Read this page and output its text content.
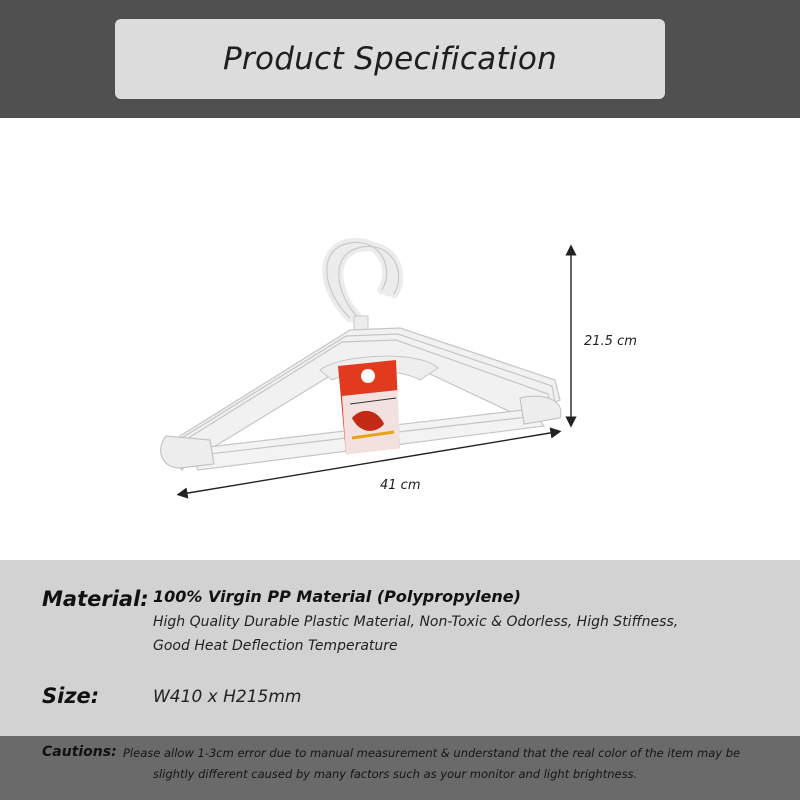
Product Specification
21.5 cm
41 cm
Material: 100% Virgin PP Material (Polypropylene)
High Quality Durable Plastic Material, Non-Toxic & Odorless, High Stiffness,
Good Heat Deflection Temperature
Size:	W410 x H215mm
Cautions: Please allow 1-3cm error due to manual measurement & understand that the real color of the item may be
slightly different caused by many factors such as your monitor and light brightness.
